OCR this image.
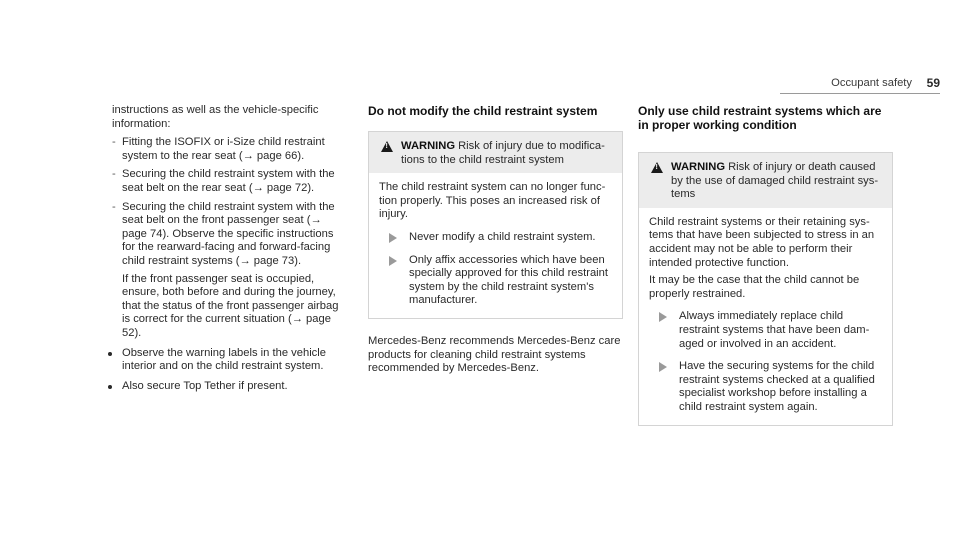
Occupant safety 59

instructions as well as the vehicle-specific information:

- Fitting the ISOFIX or i-Size child restraint system to the rear seat (→ page 66).
- Securing the child restraint system with the seat belt on the rear seat (→ page 72).
- Securing the child restraint system with the seat belt on the front passenger seat (→ page 74). Observe the specific instructions for the rearward-facing and forward-facing child restraint systems (→ page 73).

If the front passenger seat is occupied, ensure, both before and during the journey, that the status of the front passenger airbag is correct for the current situation (→ page 52).

Observe the warning labels in the vehicle interior and on the child restraint system.
Also secure Top Tether if present.
Do not modify the child restraint system
!
WARNING Risk of injury due to modifications to the child restraint system

The child restraint system can no longer function properly. This poses an increased risk of injury.

Never modify a child restraint system.
Only affix accessories which have been specially approved for this child restraint system by the child restraint system's manufacturer.

Mercedes-Benz recommends Mercedes-Benz care products for cleaning child restraint systems recommended by Mercedes-Benz.

Only use child restraint systems which are in proper working condition
!
WARNING Risk of injury or death caused by the use of damaged child restraint systems

Child restraint systems or their retaining systems that have been subjected to stress in an accident may not be able to perform their intended protective function.

It may be the case that the child cannot be properly restrained.

Always immediately replace child restraint systems that have been damaged or involved in an accident.
Have the securing systems for the child restraint systems checked at a qualified specialist workshop before installing a child restraint system again.
